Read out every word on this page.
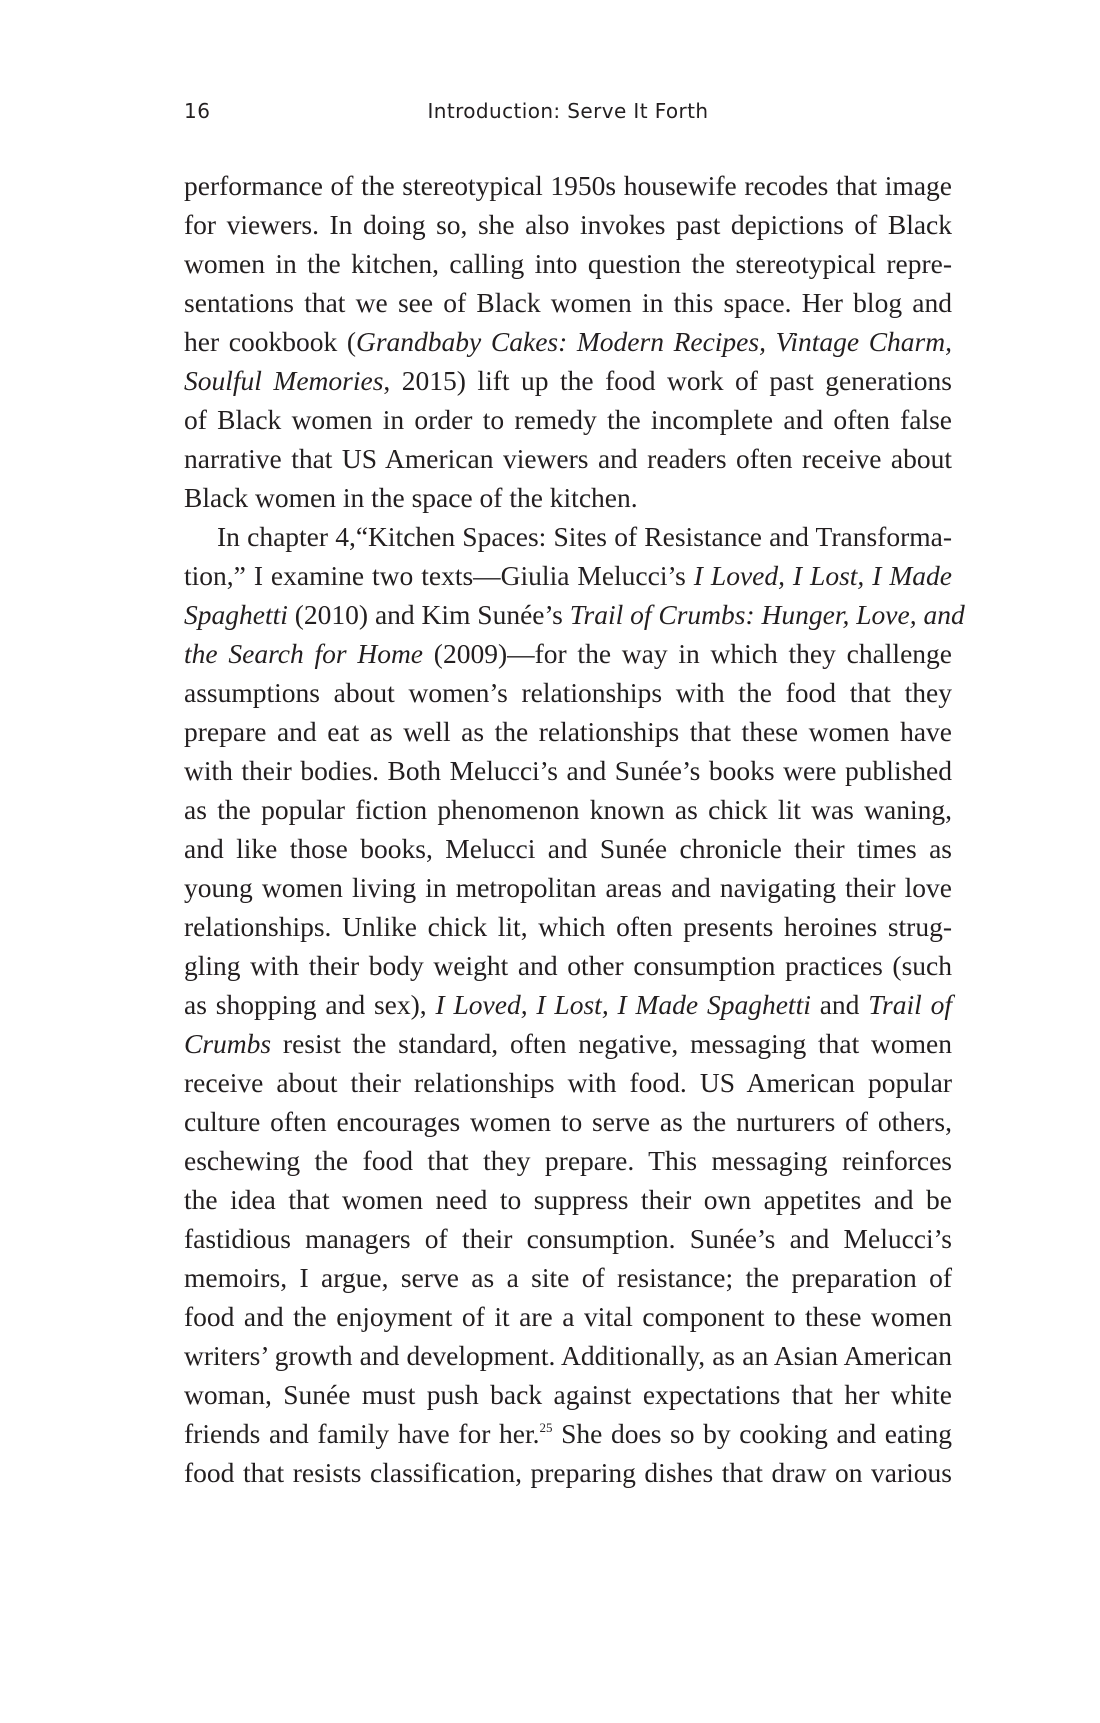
16	Introduction: Serve It Forth
performance of the stereotypical 1950s housewife recodes that image
for viewers. In doing so, she also invokes past depictions of Black
women in the kitchen, calling into question the stereotypical repre-
sentations that we see of Black women in this space. Her blog and
her cookbook (Grandbaby Cakes: Modern Recipes, Vintage Charm,
Soulful Memories, 2015) lift up the food work of past generations
of Black women in order to remedy the incomplete and often false
narrative that US American viewers and readers often receive about
Black women in the space of the kitchen.
In chapter 4,“Kitchen Spaces: Sites of Resistance and Transforma-
tion,” I examine two texts—Giulia Melucci’s I Loved, I Lost, I Made
Spaghetti (2010) and Kim Sunée’s Trail of Crumbs: Hunger, Love, and
the Search for Home (2009)—for the way in which they challenge
assumptions about women’s relationships with the food that they
prepare and eat as well as the relationships that these women have
with their bodies. Both Melucci’s and Sunée’s books were published
as the popular fiction phenomenon known as chick lit was waning,
and like those books, Melucci and Sunée chronicle their times as
young women living in metropolitan areas and navigating their love
relationships. Unlike chick lit, which often presents heroines strug-
gling with their body weight and other consumption practices (such
as shopping and sex), I Loved, I Lost, I Made Spaghetti and Trail of
Crumbs resist the standard, often negative, messaging that women
receive about their relationships with food. US American popular
culture often encourages women to serve as the nurturers of others,
eschewing the food that they prepare. This messaging reinforces
the idea that women need to suppress their own appetites and be
fastidious managers of their consumption. Sunée’s and Melucci’s
memoirs, I argue, serve as a site of resistance; the preparation of
food and the enjoyment of it are a vital component to these women
writers’ growth and development. Additionally, as an Asian American
woman, Sunée must push back against expectations that her white
friends and family have for her.$^{25}$ She does so by cooking and eating
food that resists classification, preparing dishes that draw on various
